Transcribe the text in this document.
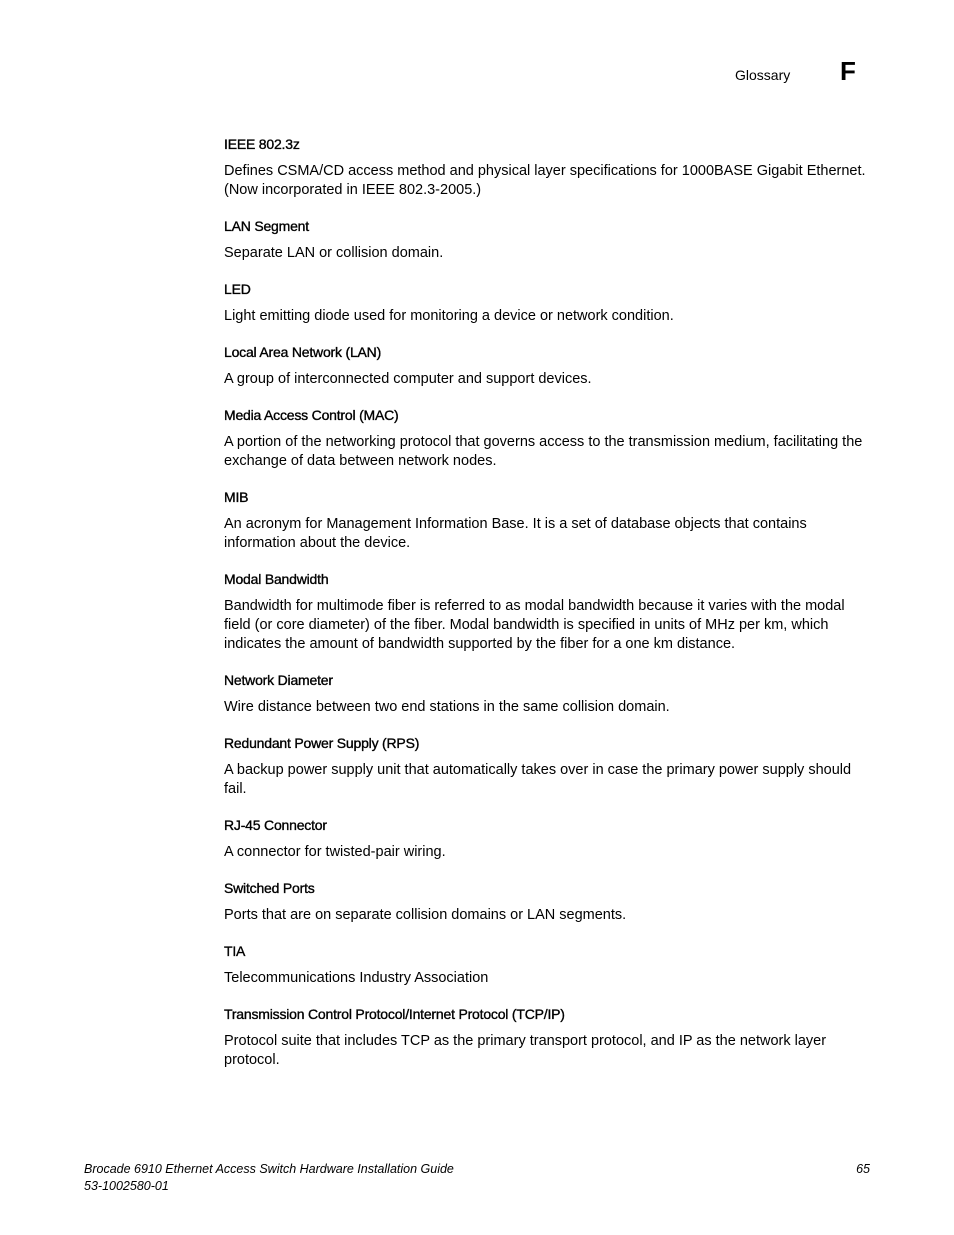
Glossary F
IEEE 802.3z

Defines CSMA/CD access method and physical layer specifications for 1000BASE Gigabit Ethernet. (Now incorporated in IEEE 802.3-2005.)

LAN Segment

Separate LAN or collision domain.

LED

Light emitting diode used for monitoring a device or network condition.

Local Area Network (LAN)

A group of interconnected computer and support devices.

Media Access Control (MAC)

A portion of the networking protocol that governs access to the transmission medium, facilitating the exchange of data between network nodes.

MIB

An acronym for Management Information Base. It is a set of database objects that contains information about the device.

Modal Bandwidth

Bandwidth for multimode fiber is referred to as modal bandwidth because it varies with the modal field (or core diameter) of the fiber. Modal bandwidth is specified in units of MHz per km, which indicates the amount of bandwidth supported by the fiber for a one km distance.

Network Diameter

Wire distance between two end stations in the same collision domain.

Redundant Power Supply (RPS)

A backup power supply unit that automatically takes over in case the primary power supply should fail.

RJ-45 Connector

A connector for twisted-pair wiring.

Switched Ports

Ports that are on separate collision domains or LAN segments.

TIA

Telecommunications Industry Association

Transmission Control Protocol/Internet Protocol (TCP/IP)

Protocol suite that includes TCP as the primary transport protocol, and IP as the network layer protocol.

Brocade 6910 Ethernet Access Switch Hardware Installation Guide
53-1002580-01
65
